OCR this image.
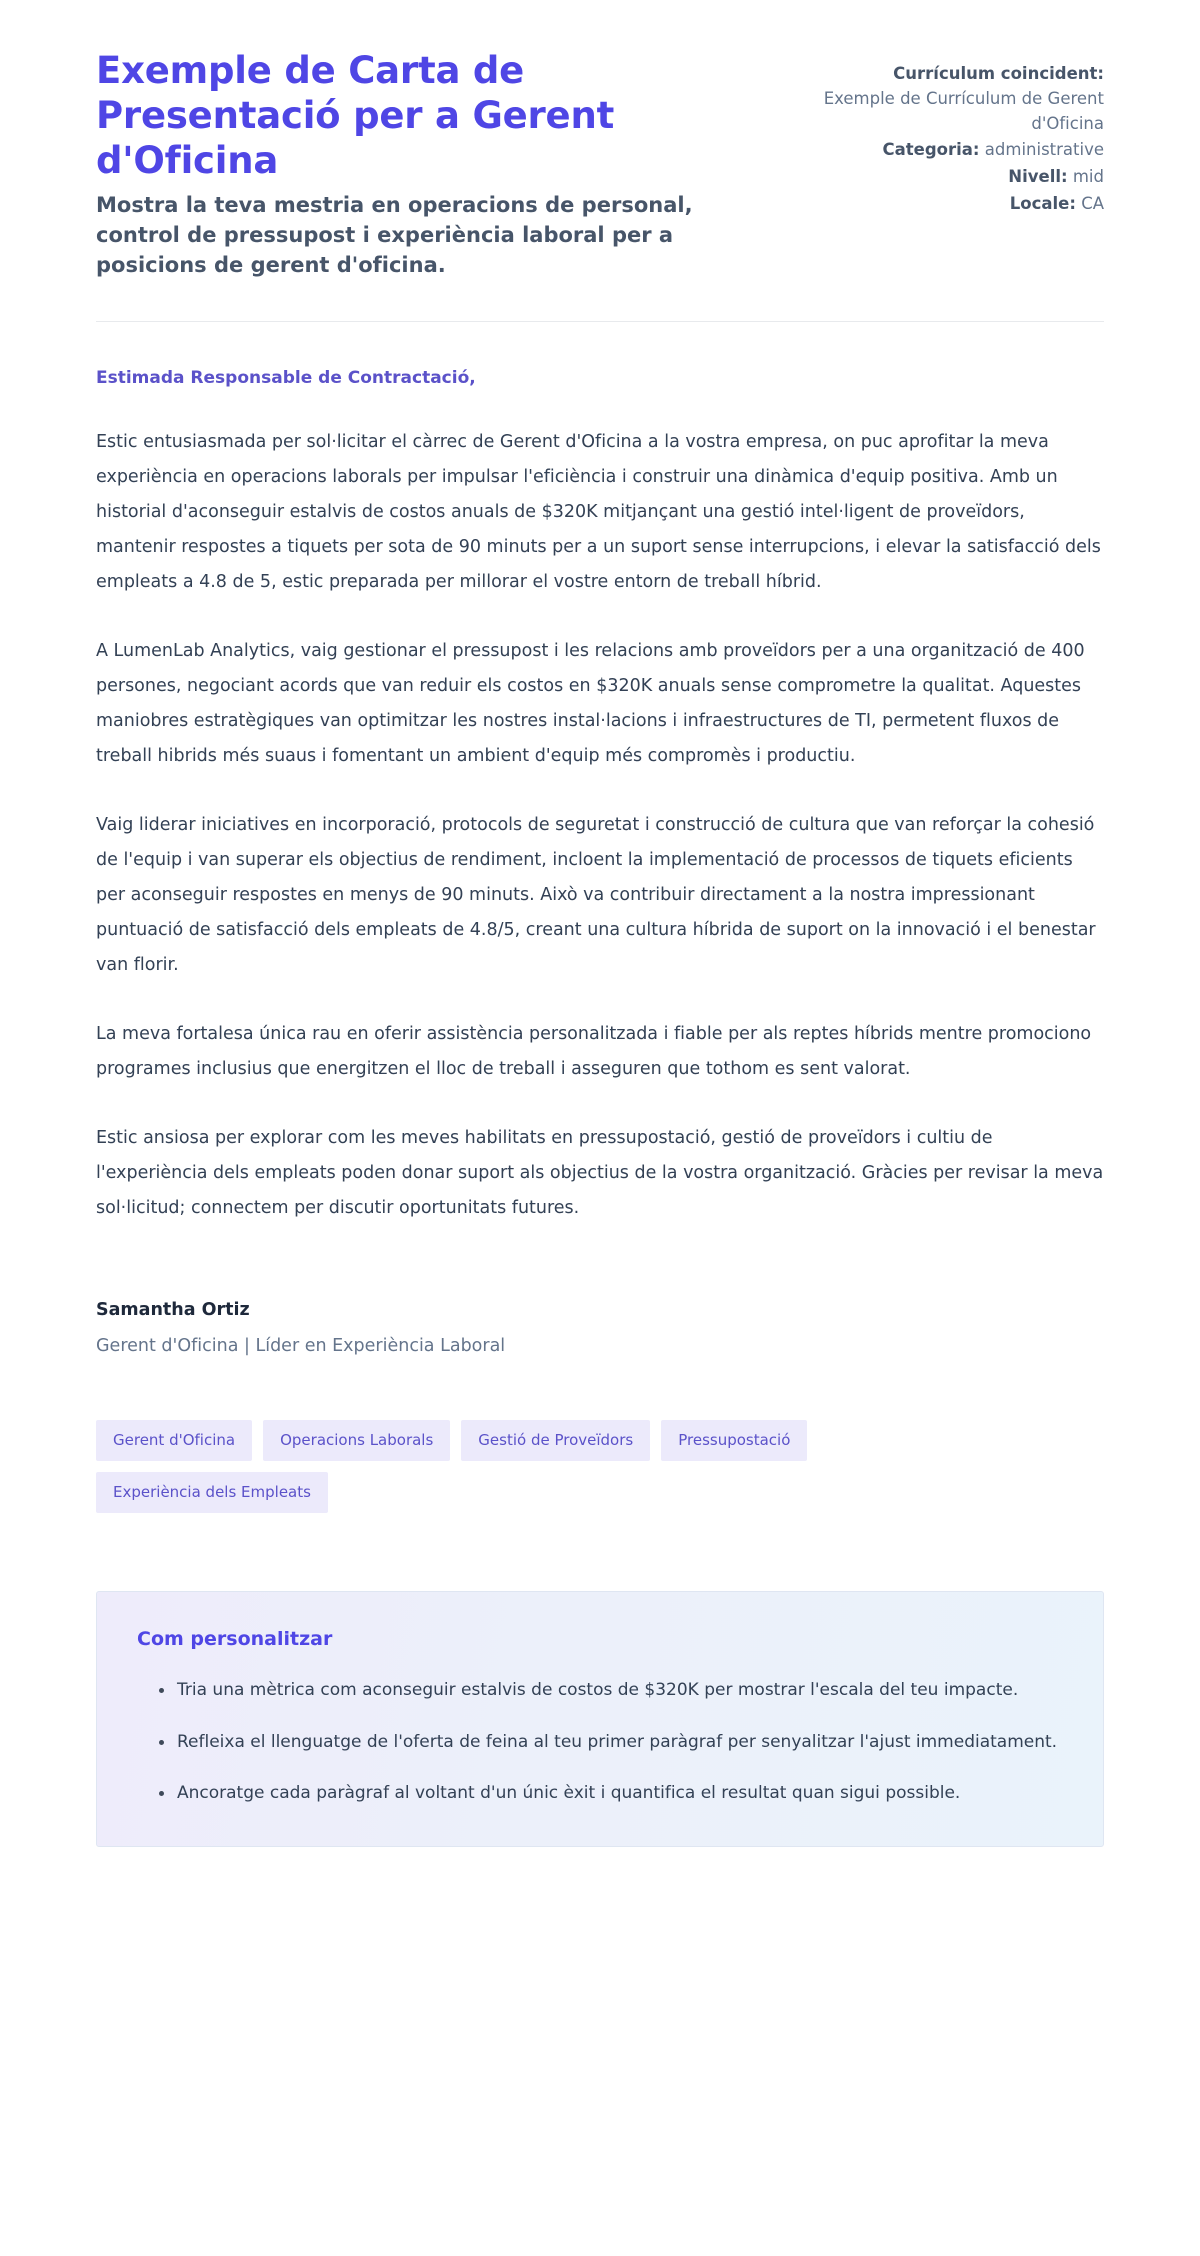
Exemple de Carta de Presentació per a Gerent d'Oficina

Mostra la teva mestria en operacions de personal, control de pressupost i experiència laboral per a posicions de gerent d'oficina.

Currículum coincident:
Exemple de Currículum de Gerent d'Oficina
Categoria: administrative
Nivell: mid
Locale: CA

Estimada Responsable de Contractació,

Estic entusiasmada per sol·licitar el càrrec de Gerent d'Oficina a la vostra empresa, on puc aprofitar la meva experiència en operacions laborals per impulsar l'eficiència i construir una dinàmica d'equip positiva. Amb un historial d'aconseguir estalvis de costos anuals de $320K mitjançant una gestió intel·ligent de proveïdors, mantenir respostes a tiquets per sota de 90 minuts per a un suport sense interrupcions, i elevar la satisfacció dels empleats a 4.8 de 5, estic preparada per millorar el vostre entorn de treball híbrid.

A LumenLab Analytics, vaig gestionar el pressupost i les relacions amb proveïdors per a una organització de 400 persones, negociant acords que van reduir els costos en $320K anuals sense comprometre la qualitat. Aquestes maniobres estratègiques van optimitzar les nostres instal·lacions i infraestructures de TI, permetent fluxos de treball hibrids més suaus i fomentant un ambient d'equip més compromès i productiu.

Vaig liderar iniciatives en incorporació, protocols de seguretat i construcció de cultura que van reforçar la cohesió de l'equip i van superar els objectius de rendiment, incloent la implementació de processos de tiquets eficients per aconseguir respostes en menys de 90 minuts. Això va contribuir directament a la nostra impressionant puntuació de satisfacció dels empleats de 4.8/5, creant una cultura híbrida de suport on la innovació i el benestar van florir.

La meva fortalesa única rau en oferir assistència personalitzada i fiable per als reptes híbrids mentre promociono programes inclusius que energitzen el lloc de treball i asseguren que tothom es sent valorat.

Estic ansiosa per explorar com les meves habilitats en pressupostació, gestió de proveïdors i cultiu de l'experiència dels empleats poden donar suport als objectius de la vostra organització. Gràcies per revisar la meva sol·licitud; connectem per discutir oportunitats futures.

Samantha Ortiz

Gerent d'Oficina | Líder en Experiència Laboral

Gerent d'Oficina	Operacions Laborals	Gestió de Proveïdors	Pressupostació
Experiència dels Empleats
Com personalitzar
Tria una mètrica com aconseguir estalvis de costos de $320K per mostrar l'escala del teu impacte.
Refleixa el llenguatge de l'oferta de feina al teu primer paràgraf per senyalitzar l'ajust immediatament.
Ancoratge cada paràgraf al voltant d'un únic èxit i quantifica el resultat quan sigui possible.
